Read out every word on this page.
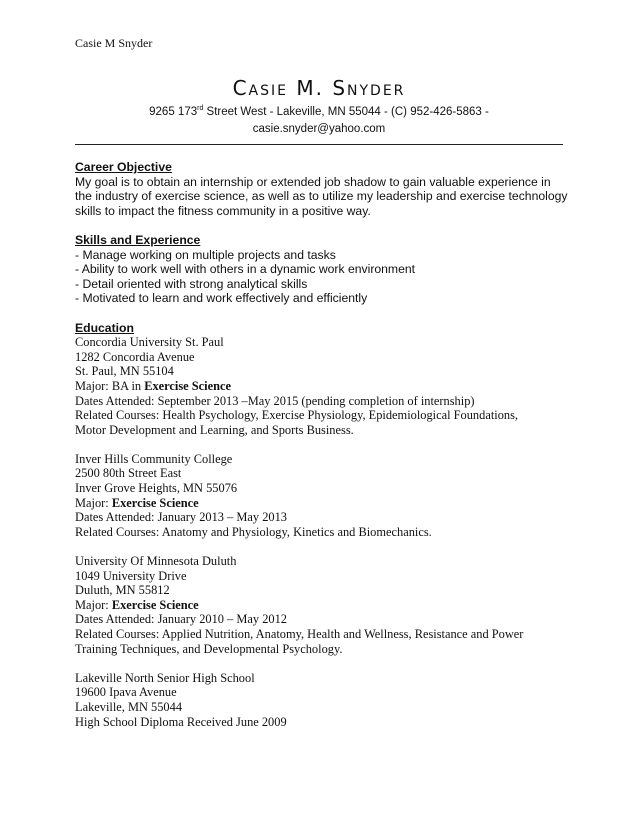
Casie M Snyder
Casie M. Snyder
9265 173rd Street West - Lakeville, MN 55044 - (C) 952-426-5863 -
casie.snyder@yahoo.com
Career Objective
My goal is to obtain an internship or extended job shadow to gain valuable experience in
the industry of exercise science, as well as to utilize my leadership and exercise technology
skills to impact the fitness community in a positive way.
Skills and Experience
- Manage working on multiple projects and tasks
- Ability to work well with others in a dynamic work environment
- Detail oriented with strong analytical skills
- Motivated to learn and work effectively and efficiently
Education
Concordia University St. Paul
1282 Concordia Avenue
St. Paul, MN 55104
Major: BA in Exercise Science
Dates Attended: September 2013 –May 2015 (pending completion of internship)
Related Courses: Health Psychology, Exercise Physiology, Epidemiological Foundations,
Motor Development and Learning, and Sports Business.
Inver Hills Community College
2500 80th Street East
Inver Grove Heights, MN 55076
Major: Exercise Science
Dates Attended: January 2013 – May 2013
Related Courses: Anatomy and Physiology, Kinetics and Biomechanics.
University Of Minnesota Duluth
1049 University Drive
Duluth, MN 55812
Major: Exercise Science
Dates Attended: January 2010 – May 2012
Related Courses: Applied Nutrition, Anatomy, Health and Wellness, Resistance and Power
Training Techniques, and Developmental Psychology.
Lakeville North Senior High School
19600 Ipava Avenue
Lakeville, MN 55044
High School Diploma Received June 2009
